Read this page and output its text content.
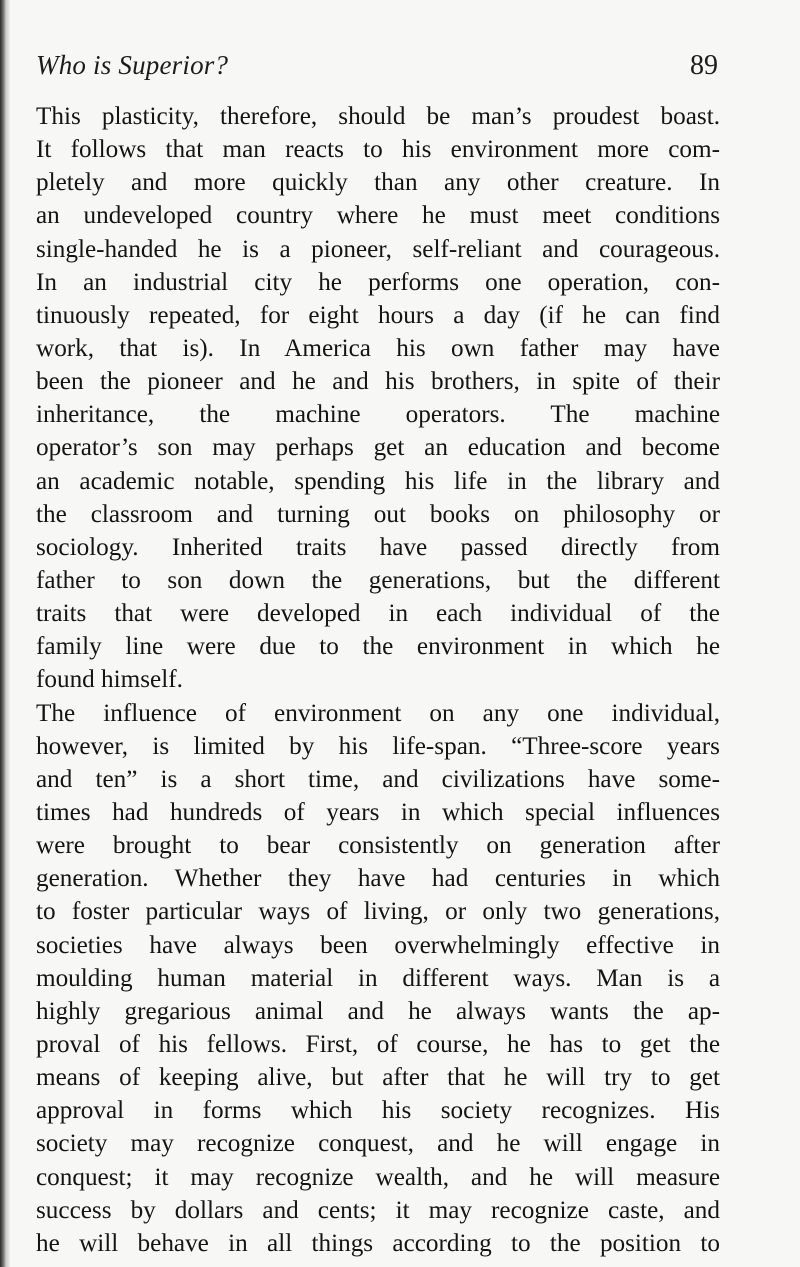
Who is Superior?	89
This plasticity, therefore, should be man’s proudest boast.
It follows that man reacts to his environment more com-
pletely and more quickly than any other creature. In
an undeveloped country where he must meet conditions
single-handed he is a pioneer, self-reliant and courageous.
In an industrial city he performs one operation, con-
tinuously repeated, for eight hours a day (if he can find
work, that is). In America his own father may have
been the pioneer and he and his brothers, in spite of their
inheritance, the machine operators. The machine
operator’s son may perhaps get an education and become
an academic notable, spending his life in the library and
the classroom and turning out books on philosophy or
sociology. Inherited traits have passed directly from
father to son down the generations, but the different
traits that were developed in each individual of the
family line were due to the environment in which he
found himself.
The influence of environment on any one individual,
however, is limited by his life-span. “Three-score years
and ten” is a short time, and civilizations have some-
times had hundreds of years in which special influences
were brought to bear consistently on generation after
generation. Whether they have had centuries in which
to foster particular ways of living, or only two generations,
societies have always been overwhelmingly effective in
moulding human material in different ways. Man is a
highly gregarious animal and he always wants the ap-
proval of his fellows. First, of course, he has to get the
means of keeping alive, but after that he will try to get
approval in forms which his society recognizes. His
society may recognize conquest, and he will engage in
conquest; it may recognize wealth, and he will measure
success by dollars and cents; it may recognize caste, and
he will behave in all things according to the position to
